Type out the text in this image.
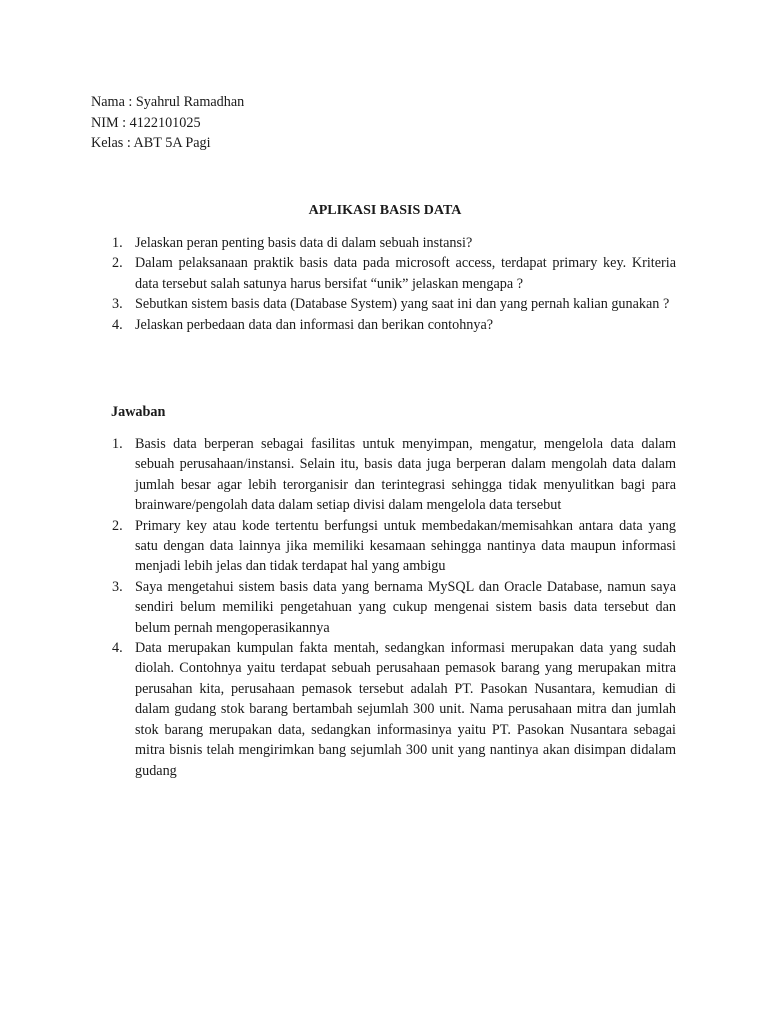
Nama : Syahrul Ramadhan
NIM : 4122101025
Kelas : ABT 5A Pagi
APLIKASI BASIS DATA
1. Jelaskan peran penting basis data di dalam sebuah instansi?
2. Dalam pelaksanaan praktik basis data pada microsoft access, terdapat primary key. Kriteria data tersebut salah satunya harus bersifat “unik” jelaskan mengapa ?
3. Sebutkan sistem basis data (Database System) yang saat ini dan yang pernah kalian gunakan ?
4. Jelaskan perbedaan data dan informasi dan berikan contohnya?
Jawaban
1. Basis data berperan sebagai fasilitas untuk menyimpan, mengatur, mengelola data dalam sebuah perusahaan/instansi. Selain itu, basis data juga berperan dalam mengolah data dalam jumlah besar agar lebih terorganisir dan terintegrasi sehingga tidak menyulitkan bagi para brainware/pengolah data dalam setiap divisi dalam mengelola data tersebut
2. Primary key atau kode tertentu berfungsi untuk membedakan/memisahkan antara data yang satu dengan data lainnya jika memiliki kesamaan sehingga nantinya data maupun informasi menjadi lebih jelas dan tidak terdapat hal yang ambigu
3. Saya mengetahui sistem basis data yang bernama MySQL dan Oracle Database, namun saya sendiri belum memiliki pengetahuan yang cukup mengenai sistem basis data tersebut dan belum pernah mengoperasikannya
4. Data merupakan kumpulan fakta mentah, sedangkan informasi merupakan data yang sudah diolah. Contohnya yaitu terdapat sebuah perusahaan pemasok barang yang merupakan mitra perusahan kita, perusahaan pemasok tersebut adalah PT. Pasokan Nusantara, kemudian di dalam gudang stok barang bertambah sejumlah 300 unit. Nama perusahaan mitra dan jumlah stok barang merupakan data, sedangkan informasinya yaitu PT. Pasokan Nusantara sebagai mitra bisnis telah mengirimkan bang sejumlah 300 unit yang nantinya akan disimpan didalam gudang
